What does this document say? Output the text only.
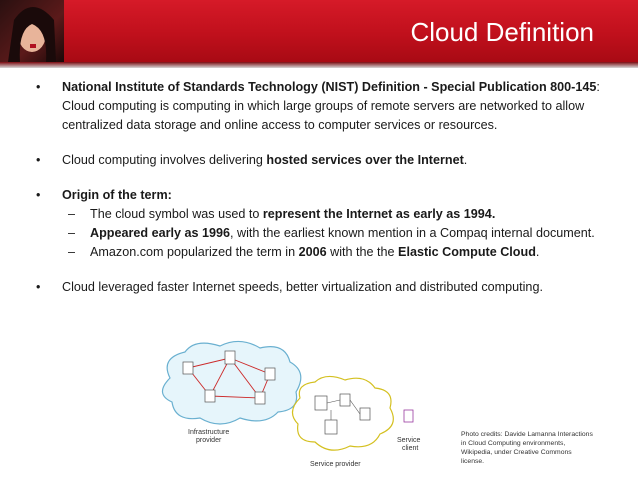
Cloud Definition
•	National Institute of Standards Technology (NIST) Definition - Special Publication 800-145: Cloud computing is computing in which large groups of remote servers are networked to allow centralized data storage and online access to computer services or resources.
•	Cloud computing involves delivering hosted services over the Internet.
•	Origin of the term:
–	The cloud symbol was used to represent the Internet as early as 1994.
–	Appeared early as 1996, with the earliest known mention in a Compaq internal document.
–	Amazon.com popularized the term in 2006 with the the Elastic Compute Cloud.
•	Cloud leveraged faster Internet speeds, better virtualization and distributed computing.
Infrastructure
provider
Service provider
Service
client
Photo credits: Davide Lamanna Interactions in Cloud Computing environments, Wikipedia, under Creative Commons license.
